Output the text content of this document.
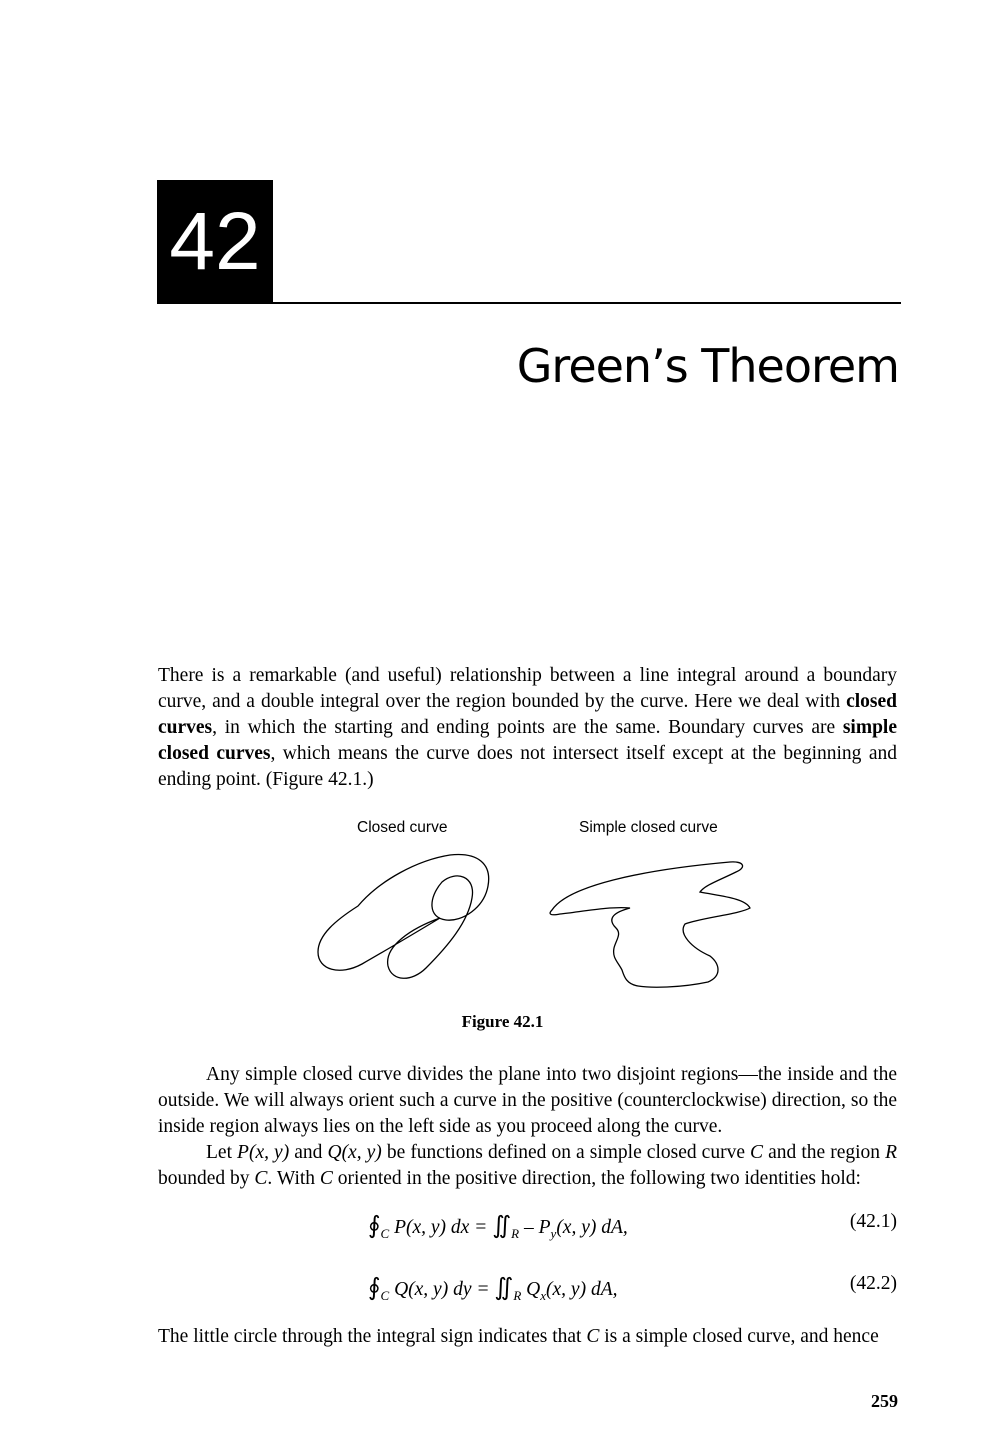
42
Green’s Theorem
There is a remarkable (and useful) relationship between a line integral around a boundary curve, and a double integral over the region bounded by the curve. Here we deal with closed curves, in which the starting and ending points are the same. Boundary curves are simple closed curves, which means the curve does not intersect itself except at the beginning and ending point. (Figure 42.1.)
Closed curve	Simple closed curve
Figure 42.1

Any simple closed curve divides the plane into two disjoint regions—the inside and the outside. We will always orient such a curve in the positive (counterclockwise) direction, so the inside region always lies on the left side as you proceed along the curve.

Let P(x, y) and Q(x, y) be functions defined on a simple closed curve C and the region R bounded by C. With C oriented in the positive direction, the following two identities hold:

$∮_C$ P(x, y) dx = $∬_R - P_y(x$, y) dA,	(42.1)
$∮_C$ Q(x, y) dy = $∬_R$ $Q_x(x$, y) dA,	(42.2)
The little circle through the integral sign indicates that C is a simple closed curve, and hence
259
